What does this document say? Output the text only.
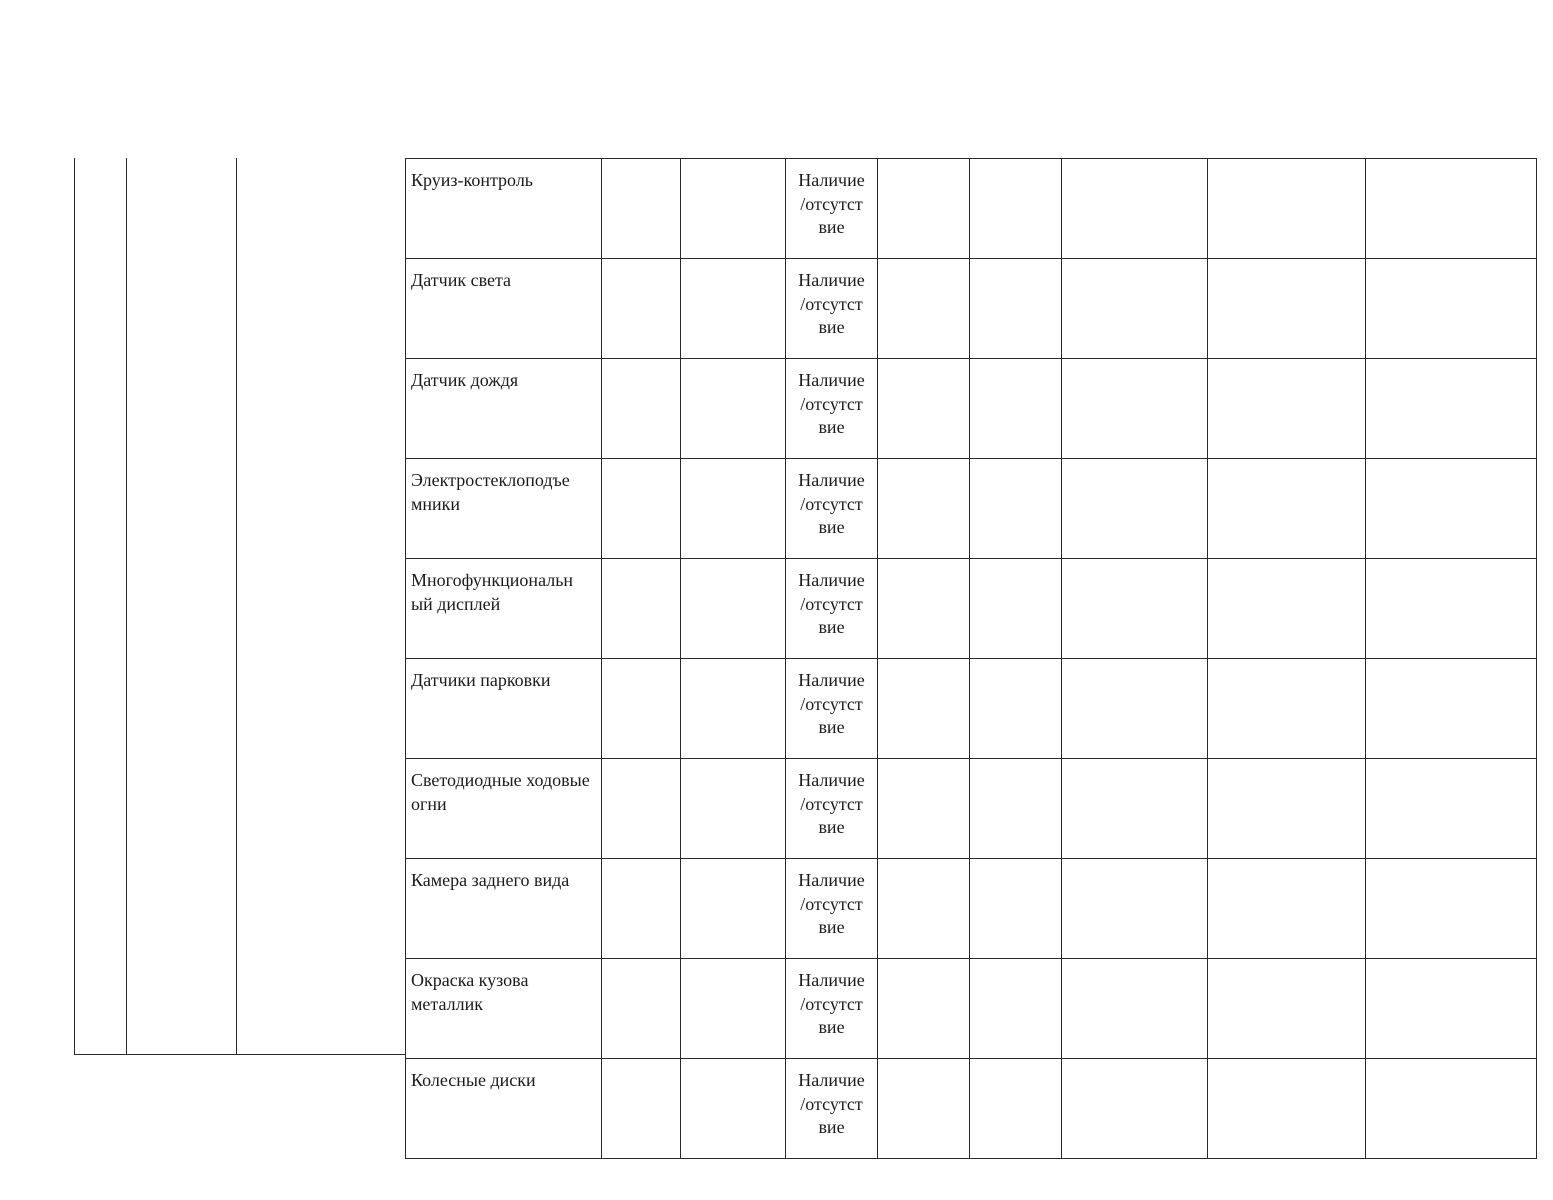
Круиз-контроль			Наличие
/отсутст
вие					

Датчик света			Наличие
/отсутст
вие					

Датчик дождя			Наличие
/отсутст
вие					

Электростеклоподъе мники			Наличие
/отсутст
вие					

Многофункциональн ый дисплей			Наличие
/отсутст
вие					

Датчики парковки			Наличие
/отсутст
вие					

Светодиодные ходовые огни			Наличие
/отсутст
вие					

Камера заднего вида			Наличие
/отсутст
вие					

Окраска кузова металлик			Наличие
/отсутст
вие					

Колесные диски			Наличие
/отсутст
вие					
